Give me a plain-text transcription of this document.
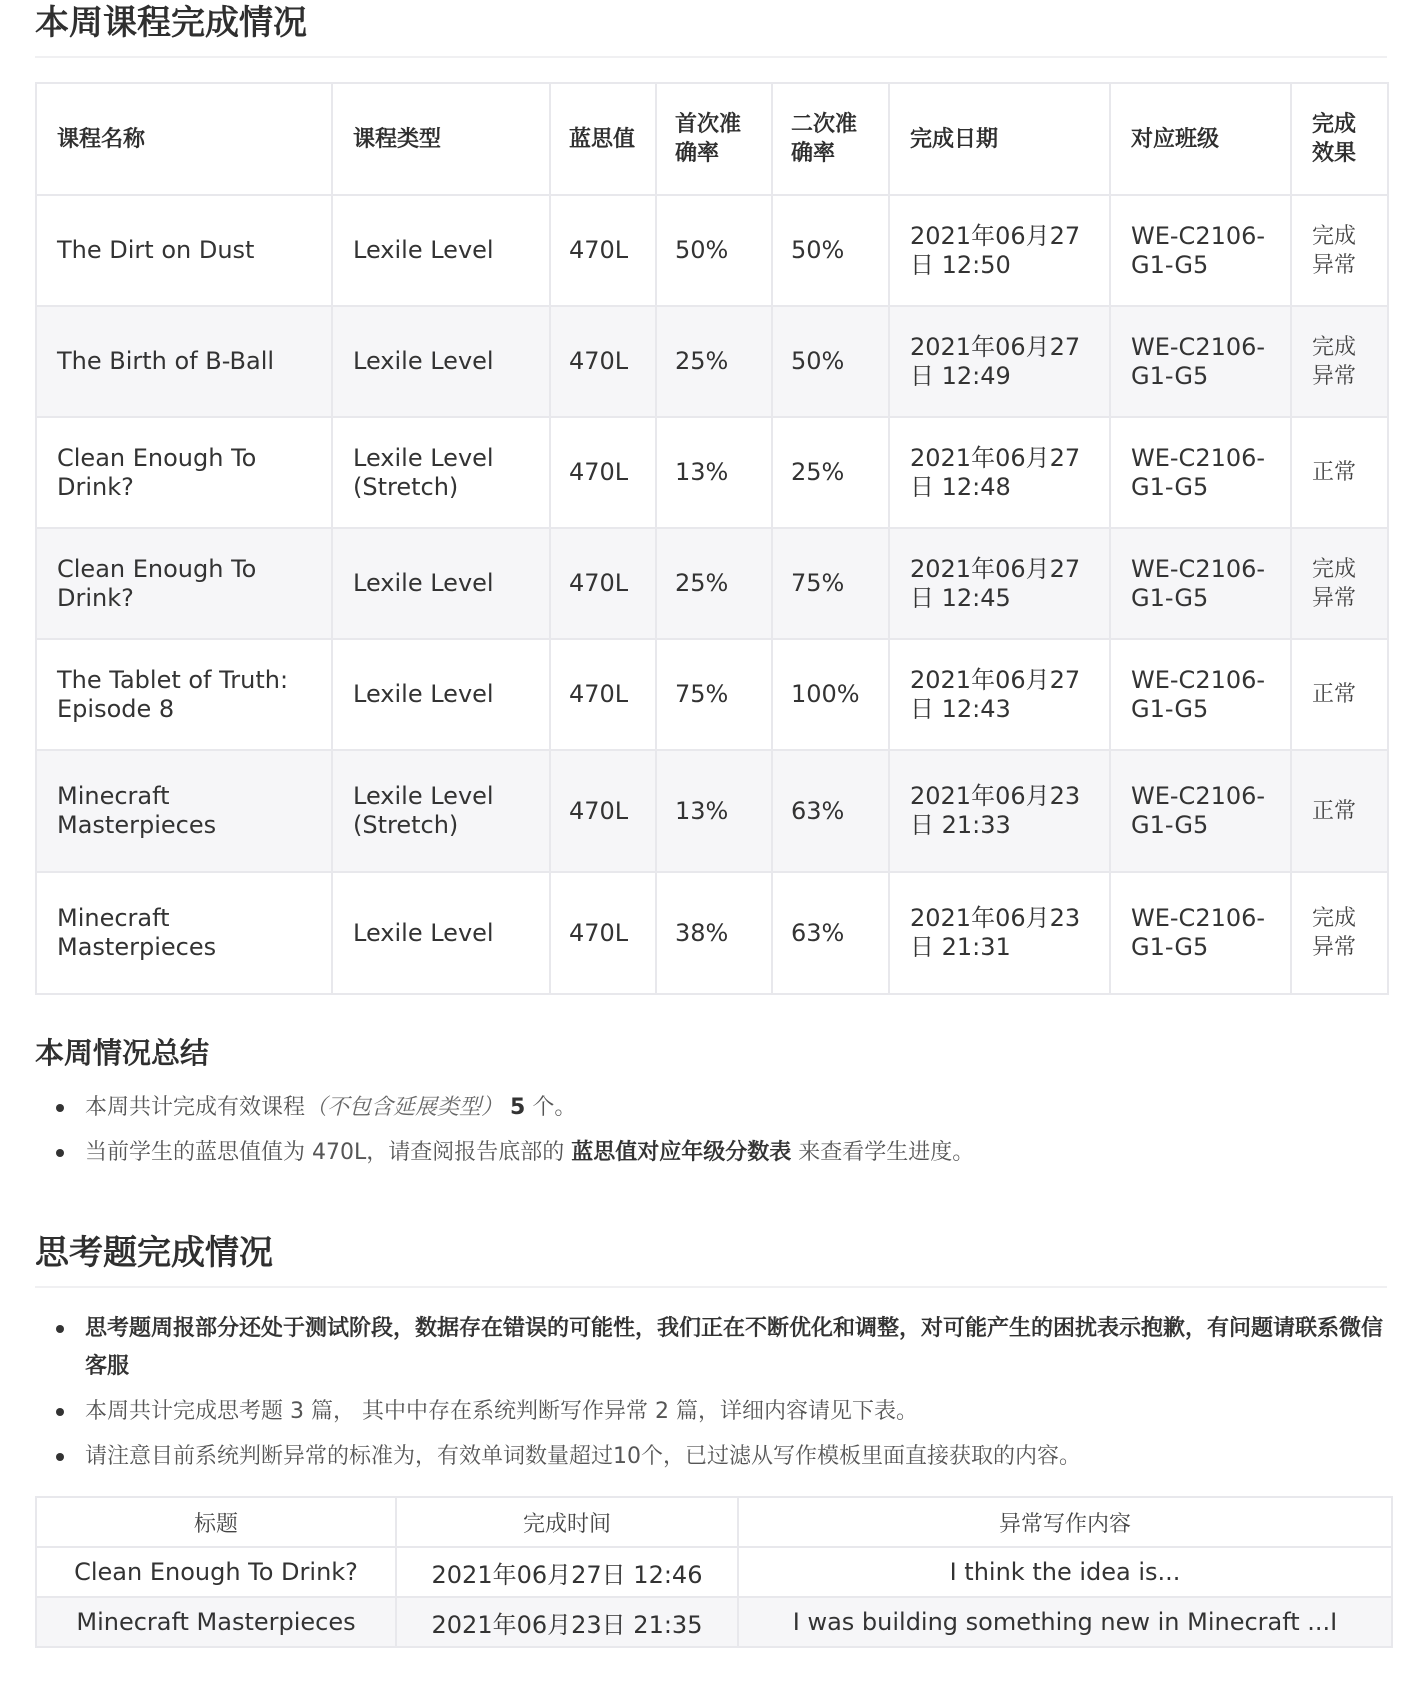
本周课程完成情况
课程名称	课程类型	蓝思值	首次准确率	二次准确率	完成日期	对应班级	完成效果
The Dirt on Dust	Lexile Level	470L	50%	50%	2021年06月27日 12:50	WE-C2106-G1-G5	完成异常
The Birth of B-Ball	Lexile Level	470L	25%	50%	2021年06月27日 12:49	WE-C2106-G1-G5	完成异常
Clean Enough To Drink?	Lexile Level (Stretch)	470L	13%	25%	2021年06月27日 12:48	WE-C2106-G1-G5	正常
Clean Enough To Drink?	Lexile Level	470L	25%	75%	2021年06月27日 12:45	WE-C2106-G1-G5	完成异常
The Tablet of Truth: Episode 8	Lexile Level	470L	75%	100%	2021年06月27日 12:43	WE-C2106-G1-G5	正常
Minecraft Masterpieces	Lexile Level (Stretch)	470L	13%	63%	2021年06月23日 21:33	WE-C2106-G1-G5	正常
Minecraft Masterpieces	Lexile Level	470L	38%	63%	2021年06月23日 21:31	WE-C2106-G1-G5	完成异常
本周情况总结
本周共计完成有效课程（不包含延展类型） 5 个。
当前学生的蓝思值值为 470L，请查阅报告底部的 蓝思值对应年级分数表 来查看学生进度。
思考题完成情况
思考题周报部分还处于测试阶段，数据存在错误的可能性，我们正在不断优化和调整，对可能产生的困扰表示抱歉，有问题请联系微信客服
本周共计完成思考题 3 篇， 其中中存在系统判断写作异常 2 篇，详细内容请见下表。
请注意目前系统判断异常的标准为，有效单词数量超过10个，已过滤从写作模板里面直接获取的内容。
标题	完成时间	异常写作内容
Clean Enough To Drink?	2021年06月27日 12:46	I think the idea is...
Minecraft Masterpieces	2021年06月23日 21:35	I was building something new in Minecraft ...I
